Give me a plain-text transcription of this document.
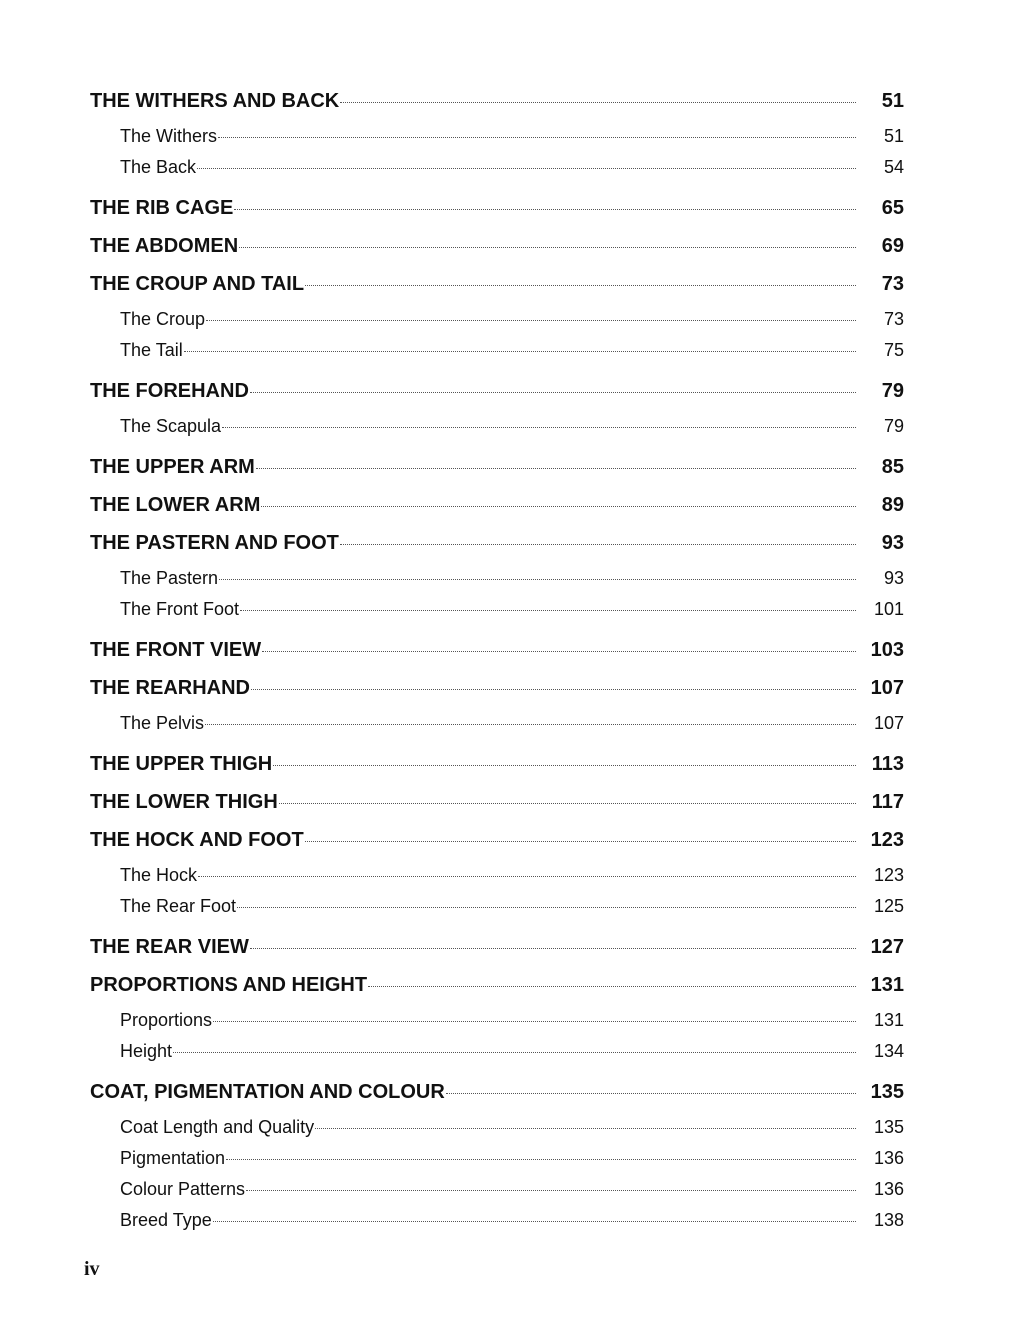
THE WITHERS AND BACK	51
The Withers	51
The Back	54
THE RIB CAGE	65
THE ABDOMEN	69
THE CROUP AND TAIL	73
The Croup	73
The Tail	75
THE FOREHAND	79
The Scapula	79
THE UPPER ARM	85
THE LOWER ARM	89
THE PASTERN AND FOOT	93
The Pastern	93
The Front Foot	101
THE FRONT VIEW	103
THE REARHAND	107
The Pelvis	107
THE UPPER THIGH	113
THE LOWER THIGH	117
THE HOCK AND FOOT	123
The Hock	123
The Rear Foot	125
THE REAR VIEW	127
PROPORTIONS AND HEIGHT	131
Proportions	131
Height	134
COAT, PIGMENTATION AND COLOUR	135
Coat Length and Quality	135
Pigmentation	136
Colour Patterns	136
Breed Type	138
iv
